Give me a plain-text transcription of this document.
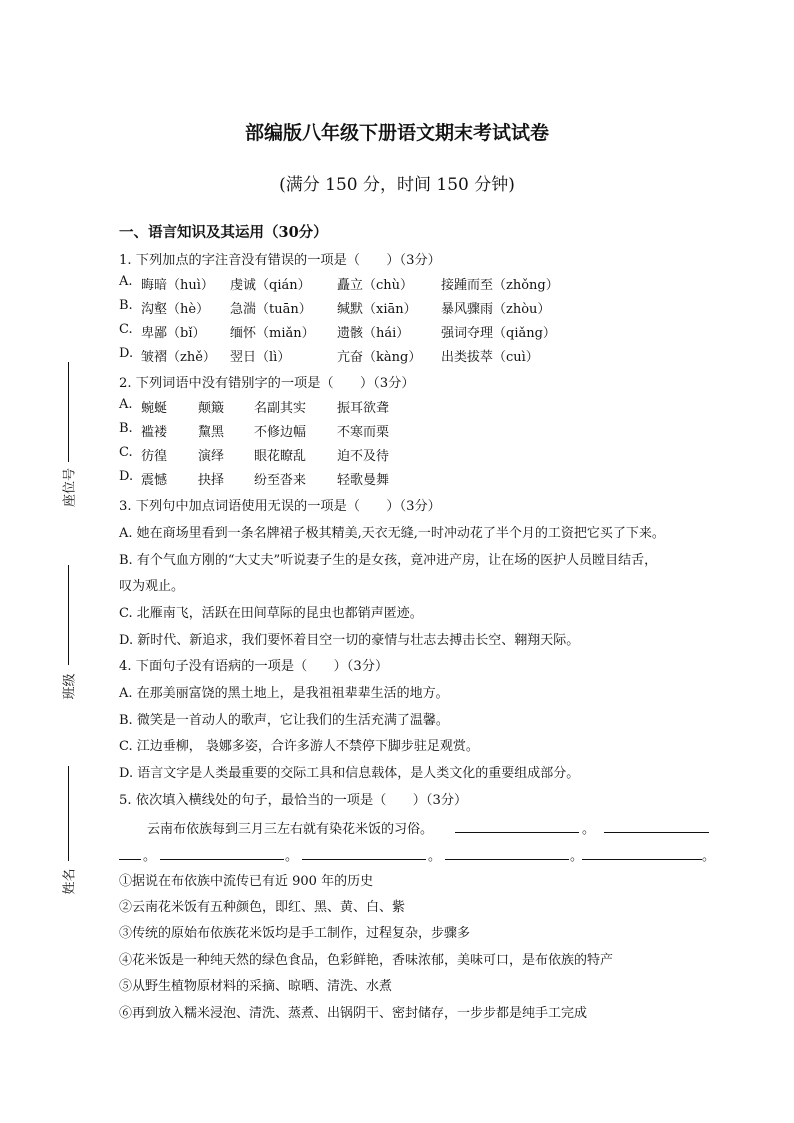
座位号
班级
姓名
部编版八年级下册语文期末考试试卷
(满分 150 分，时间 150 分钟)
一、语言知识及其运用（30分）
1. 下列加点的字注音没有错误的一项是（　　）（3分）
A. 晦暗（huì） 虔诚（qián） 矗立（chù） 接踵而至（zhǒng）
B. 沟壑（hè） 急湍（tuān） 缄默（xiān） 暴风骤雨（zhòu）
C. 卑鄙（bǐ） 缅怀（miǎn） 遗骸（hái） 强词夺理（qiǎng）
D. 皱褶（zhě） 翌日（lì）	亢奋（kàng） 出类拔萃（cuì）
2. 下列词语中没有错别字的一项是（　　）（3分）
A. 蜿蜒 颠簸 名副其实 振耳欲聋
B. 褴褛 黧黑 不修边幅 不寒而栗
C. 彷徨 演绎 眼花瞭乱 迫不及待
D. 震憾 抉择 纷至沓来 轻歌曼舞
3. 下列句中加点词语使用无误的一项是（　　）（3分）
A. 她在商场里看到一条名牌裙子极其精美,天衣无缝,一时冲动花了半个月的工资把它买了下来。
B. 有个气血方刚的“大丈夫”听说妻子生的是女孩，竟冲进产房，让在场的医护人员瞠目结舌，
叹为观止。
C. 北雁南飞，活跃在田间草际的昆虫也都销声匿迹。
D. 新时代、新追求，我们要怀着目空一切的豪情与壮志去搏击长空、翱翔天际。
4. 下面句子没有语病的一项是（　　）（3分）
A. 在那美丽富饶的黑土地上，是我祖祖辈辈生活的地方。
B. 微笑是一首动人的歌声，它让我们的生活充满了温馨。
C. 江边垂柳， 袅娜多姿，合许多游人不禁停下脚步驻足观赏。
D. 语言文字是人类最重要的交际工具和信息载体，是人类文化的重要组成部分。
5. 依次填入横线处的句子，最恰当的一项是（　　）（3分）
云南布依族每到三月三左右就有染花米饭的习俗。	。
。	。	。	。	。
①据说在布依族中流传已有近 900 年的历史
②云南花米饭有五种颜色，即红、黑、黄、白、紫
③传统的原始布依族花米饭均是手工制作，过程复杂，步骤多
④花米饭是一种纯天然的绿色食品，色彩鲜艳，香味浓郁，美味可口，是布依族的特产
⑤从野生植物原材料的采摘、晾晒、清洗、水煮
⑥再到放入糯米浸泡、清洗、蒸煮、出锅阴干、密封储存，一步步都是纯手工完成
